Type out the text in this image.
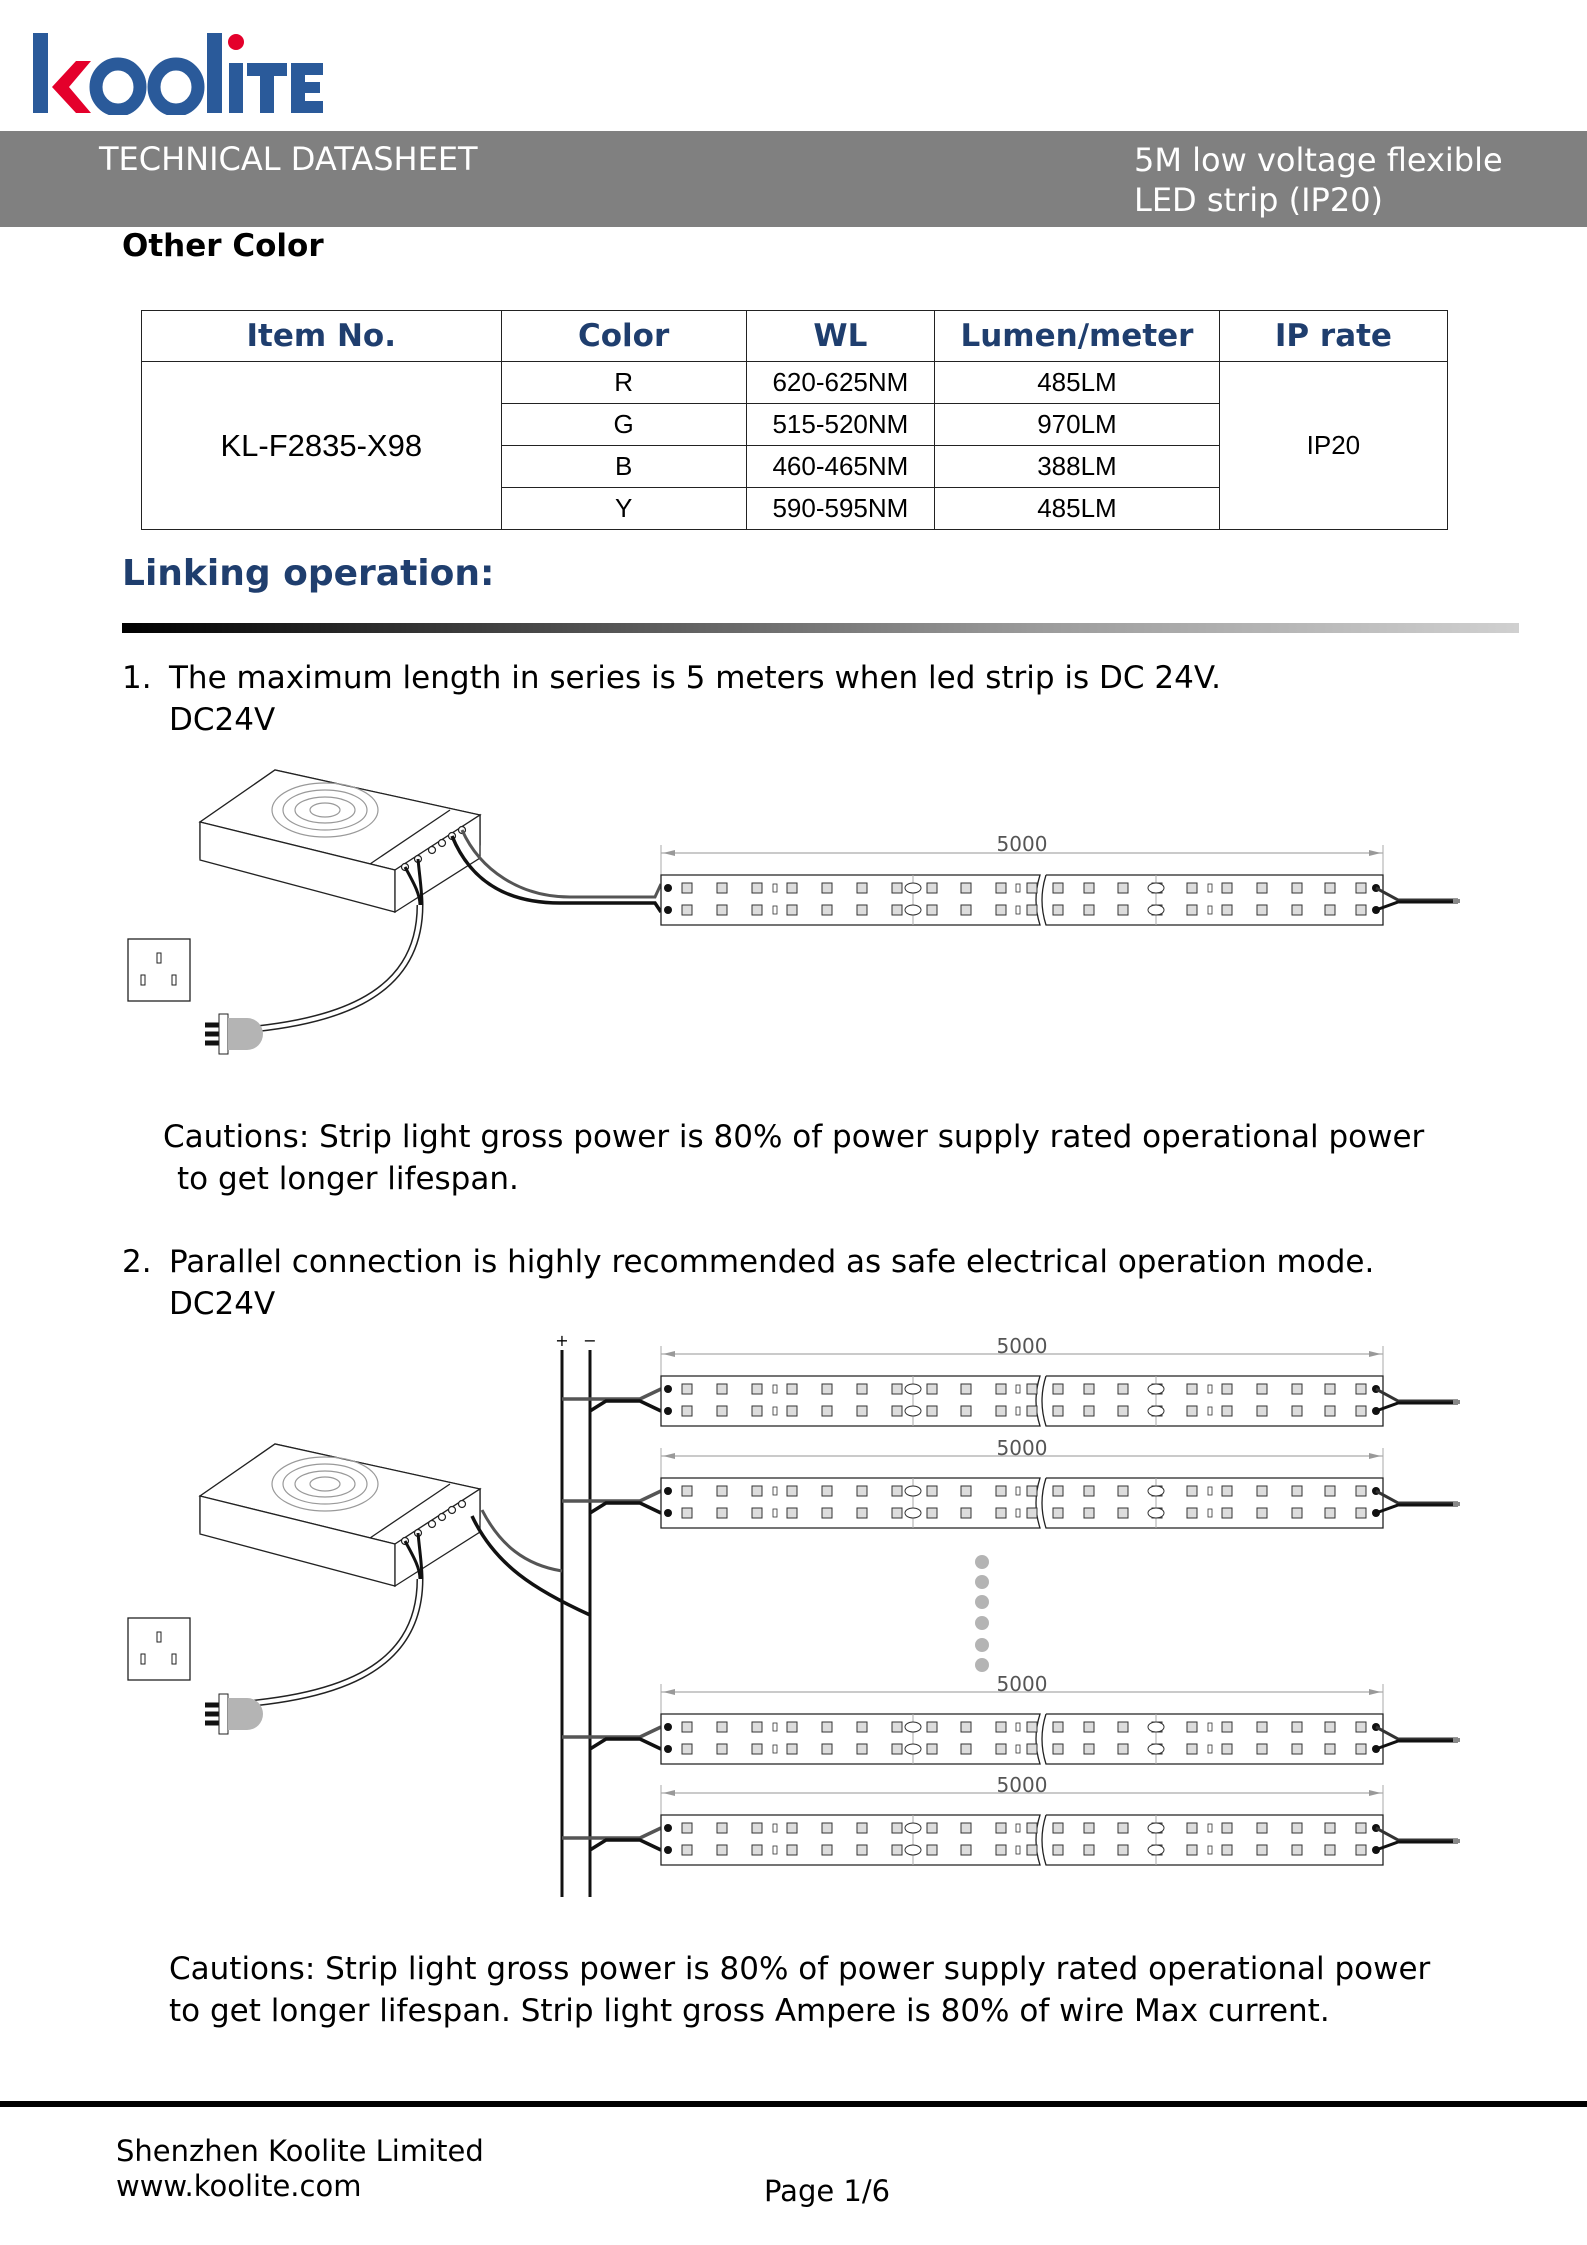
TECHNICAL DATASHEET	5M low voltage flexible
LED strip (IP20)
Other Color
Item No.	Color	WL	Lumen/meter	IP rate
KL-F2835-X98	R	620-625NM	485LM	IP20
	G	515-520NM	970LM	
	B	460-465NM	388LM	
	Y	590-595NM	485LM	
Linking operation:
1. The maximum length in series is 5 meters when led strip is DC 24V.
DC24V
5000
Cautions: Strip light gross power is 80% of power supply rated operational power
to get longer lifespan.
2. Parallel connection is highly recommended as safe electrical operation mode.
DC24V
+ −	5000
5000
5000
5000
Cautions: Strip light gross power is 80% of power supply rated operational power
to get longer lifespan. Strip light gross Ampere is 80% of wire Max current.
Shenzhen Koolite Limited
www.koolite.com	Page 1/6
